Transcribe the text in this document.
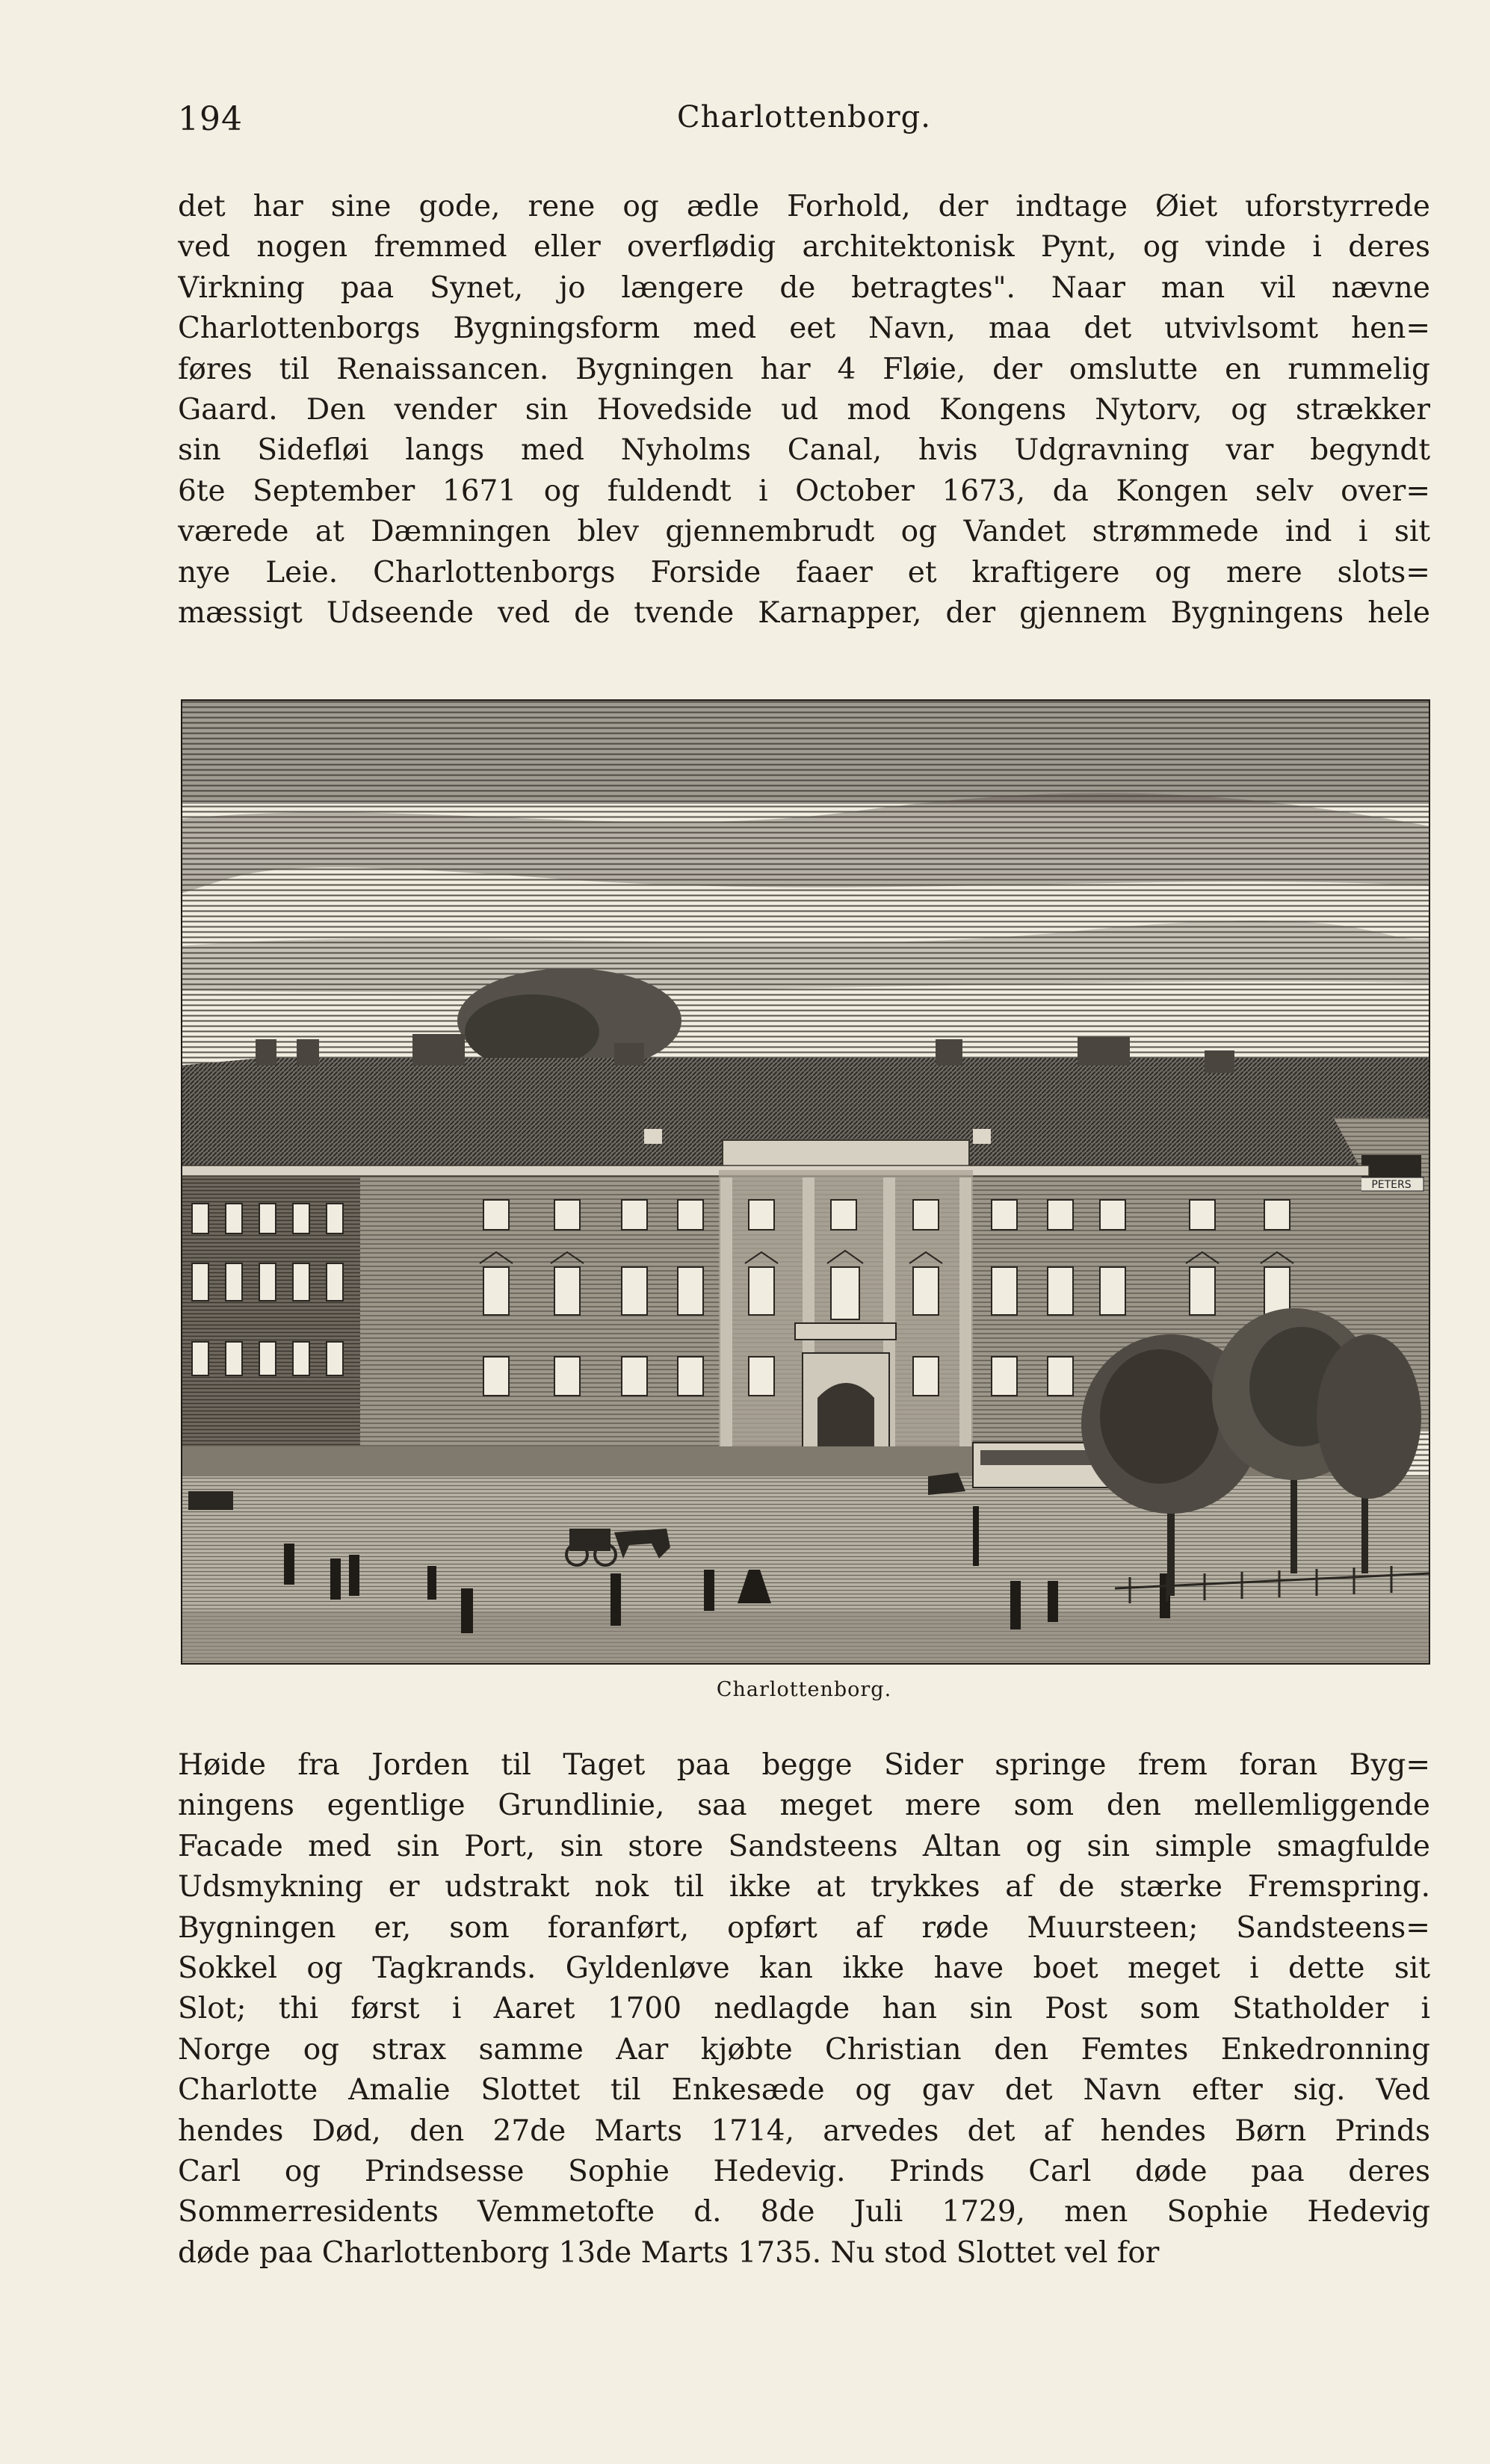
194	Charlottenborg.
det har sine gode, rene og ædle Forhold, der indtage Øiet uforstyrrede
ved nogen fremmed eller overflødig architektonisk Pynt, og vinde i deres
Virkning paa Synet, jo længere de betragtes". Naar man vil nævne
Charlottenborgs Bygningsform med eet Navn, maa det utvivlsomt hen=
føres til Renaissancen. Bygningen har 4 Fløie, der omslutte en rummelig
Gaard. Den vender sin Hovedside ud mod Kongens Nytorv, og strækker
sin Sidefløi langs med Nyholms Canal, hvis Udgravning var begyndt
6te September 1671 og fuldendt i October 1673, da Kongen selv over=
værede at Dæmningen blev gjennembrudt og Vandet strømmede ind i sit
nye Leie. Charlottenborgs Forside faaer et kraftigere og mere slots=
mæssigt Udseende ved de tvende Karnapper, der gjennem Bygningens hele
PETERS
Charlottenborg.
Høide fra Jorden til Taget paa begge Sider springe frem foran Byg=
ningens egentlige Grundlinie, saa meget mere som den mellemliggende
Facade med sin Port, sin store Sandsteens Altan og sin simple smagfulde
Udsmykning er udstrakt nok til ikke at trykkes af de stærke Fremspring.
Bygningen er, som foranført, opført af røde Muursteen; Sandsteens=
Sokkel og Tagkrands. Gyldenløve kan ikke have boet meget i dette sit
Slot; thi først i Aaret 1700 nedlagde han sin Post som Statholder i
Norge og strax samme Aar kjøbte Christian den Femtes Enkedronning
Charlotte Amalie Slottet til Enkesæde og gav det Navn efter sig. Ved
hendes Død, den 27de Marts 1714, arvedes det af hendes Børn Prinds
Carl og Prindsesse Sophie Hedevig. Prinds Carl døde paa deres
Sommerresidents Vemmetofte d. 8de Juli 1729, men Sophie Hedevig
døde paa Charlottenborg 13de Marts 1735. Nu stod Slottet vel for
